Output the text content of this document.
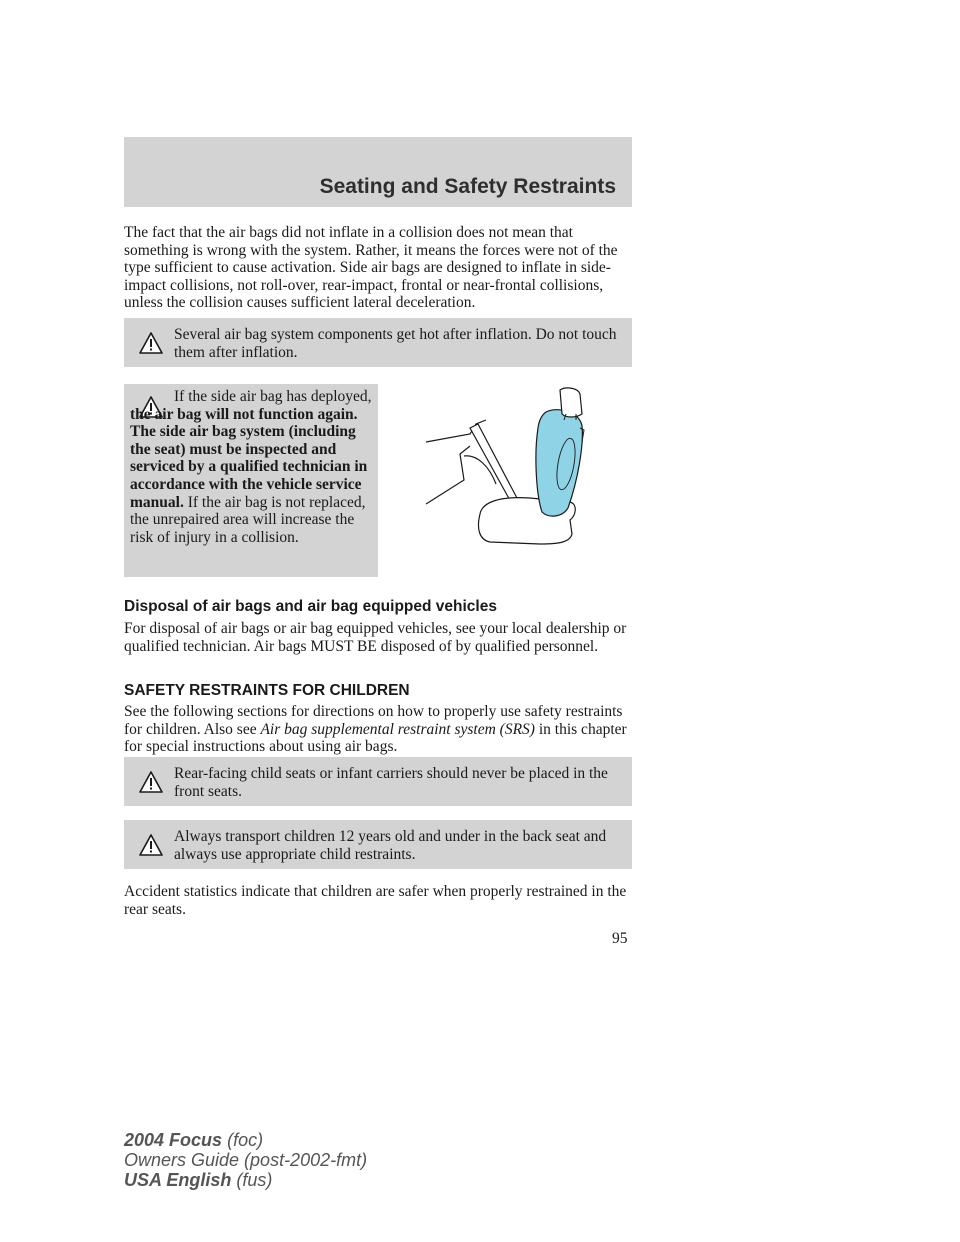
Seating and Safety Restraints

The fact that the air bags did not inflate in a collision does not mean that something is wrong with the system. Rather, it means the forces were not of the type sufficient to cause activation. Side air bags are designed to inflate in side-impact collisions, not roll-over, rear-impact, frontal or near-frontal collisions, unless the collision causes sufficient lateral deceleration.

Several air bag system components get hot after inflation. Do not touch them after inflation.
If the side air bag has deployed, the air bag will not function again. The side air bag system (including the seat) must be inspected and serviced by a qualified technician in accordance with the vehicle service manual. If the air bag is not replaced, the unrepaired area will increase the risk of injury in a collision.
Disposal of air bags and air bag equipped vehicles

For disposal of air bags or air bag equipped vehicles, see your local dealership or qualified technician. Air bags MUST BE disposed of by qualified personnel.

SAFETY RESTRAINTS FOR CHILDREN

See the following sections for directions on how to properly use safety restraints for children. Also see Air bag supplemental restraint system (SRS) in this chapter for special instructions about using air bags.

Rear-facing child seats or infant carriers should never be placed in the front seats.
Always transport children 12 years old and under in the back seat and always use appropriate child restraints.

Accident statistics indicate that children are safer when properly restrained in the rear seats.

95
2004 Focus (foc)
Owners Guide (post-2002-fmt)
USA English (fus)
